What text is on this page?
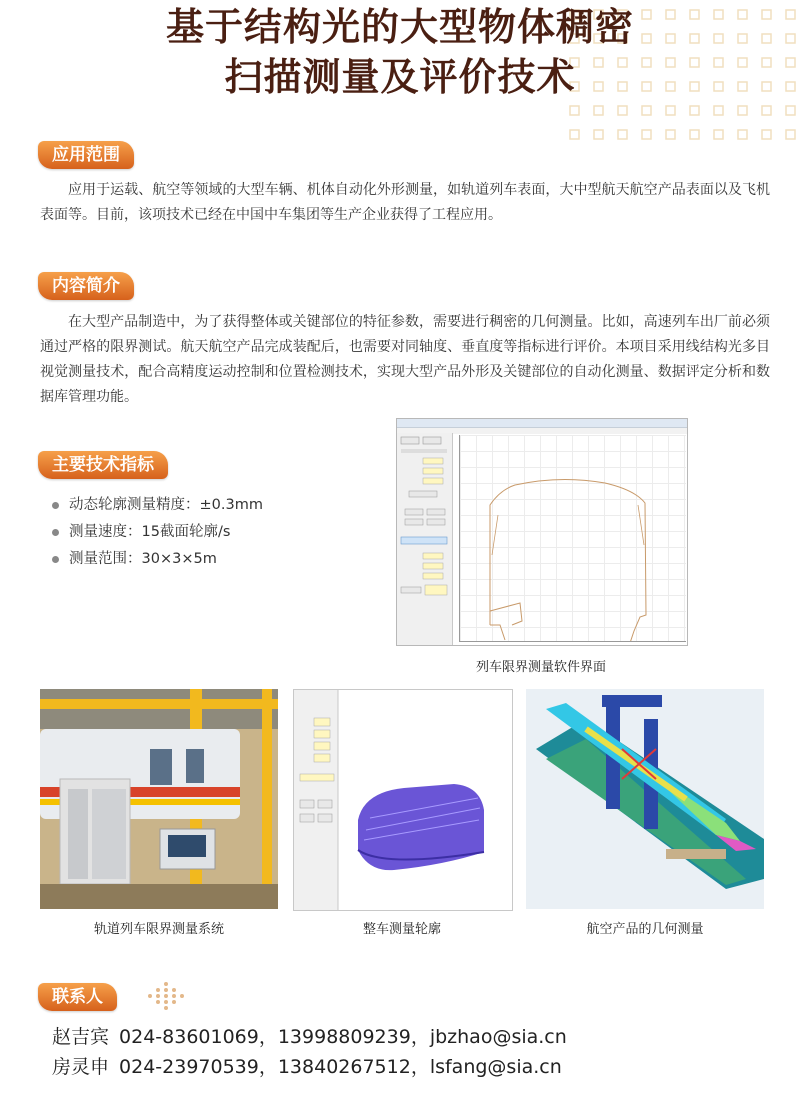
基于结构光的大型物体稠密
扫描测量及评价技术
应用范围
应用于运载、航空等领域的大型车辆、机体自动化外形测量，如轨道列车表面，大中型航天航空产品表面以及飞机表面等。目前，该项技术已经在中国中车集团等生产企业获得了工程应用。
内容简介
在大型产品制造中，为了获得整体或关键部位的特征参数，需要进行稠密的几何测量。比如，高速列车出厂前必须通过严格的限界测试。航天航空产品完成装配后，也需要对同轴度、垂直度等指标进行评价。本项目采用线结构光多目视觉测量技术，配合高精度运动控制和位置检测技术，实现大型产品外形及关键部位的自动化测量、数据评定分析和数据库管理功能。
主要技术指标
动态轮廓测量精度：±0.3mm
测量速度：15截面轮廓/s
测量范围：30×3×5m
列车限界测量软件界面
轨道列车限界测量系统	整车测量轮廓	航空产品的几何测量
联系人
赵吉宾 024-83601069，13998809239，jbzhao@sia.cn
房灵申 024-23970539，13840267512，lsfang@sia.cn
